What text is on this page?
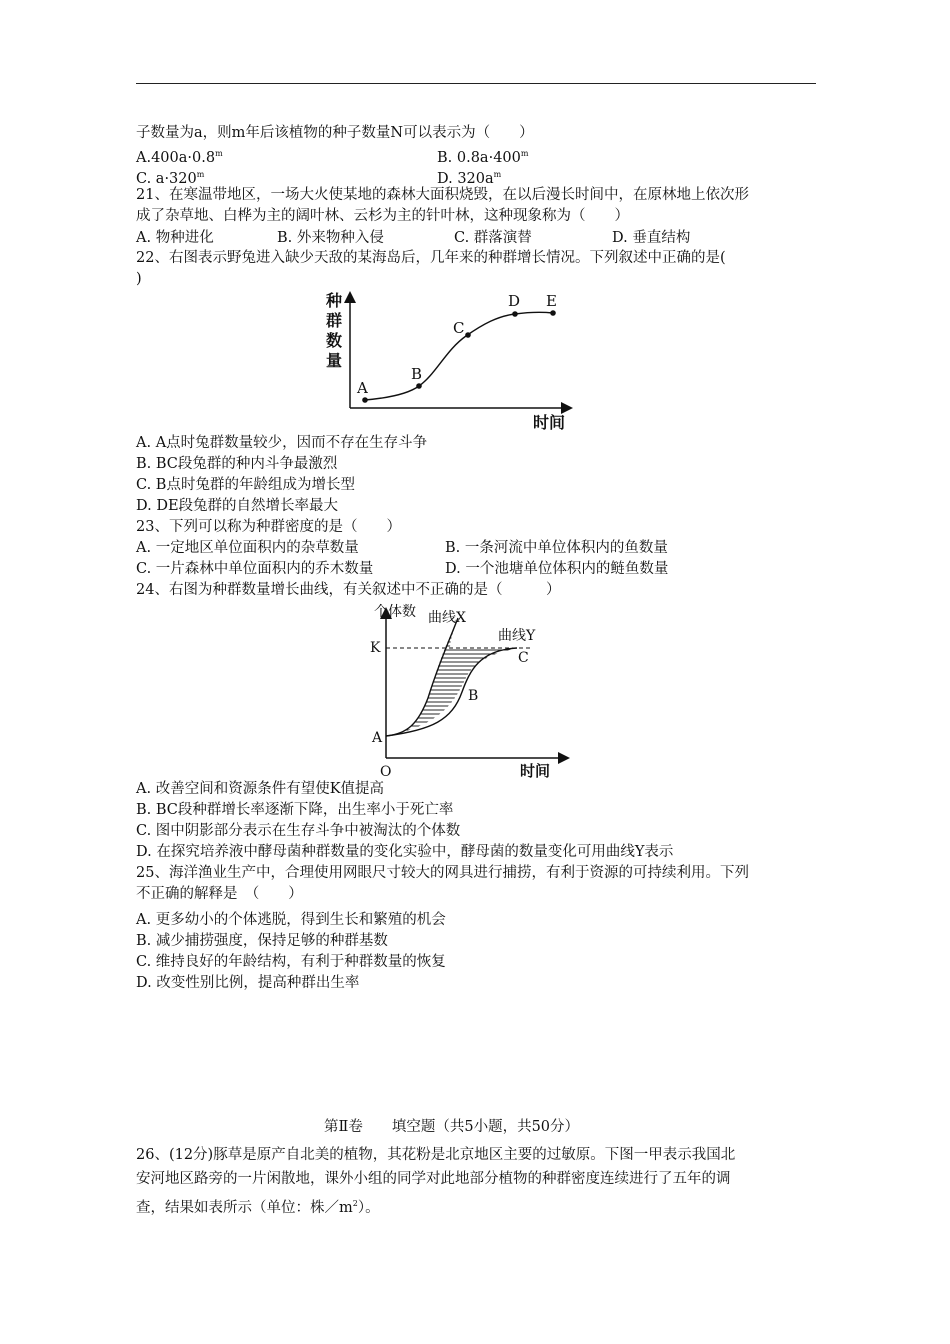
子数量为a，则m年后该植物的种子数量N可以表示为（　　）
$A.400a\cdot 0.8^m$	B. $0.8a\cdot 400^m$
C. $a\cdot 320^m$	D. $320a^m$
21、在寒温带地区，一场大火使某地的森林大面积烧毁，在以后漫长时间中，在原林地上依次形
成了杂草地、白桦为主的阔叶林、云杉为主的针叶林，这种现象称为（　　）
A. 物种进化	B. 外来物种入侵	C. 群落演替	D. 垂直结构
22、右图表示野兔进入缺少天敌的某海岛后，几年来的种群增长情况。下列叙述中正确的是(
)
种
群
数
量
时间
A
B
C
D E
A. A点时兔群数量较少，因而不存在生存斗争
B. BC段兔群的种内斗争最激烈
C. B点时兔群的年龄组成为增长型
D. DE段兔群的自然增长率最大
23、下列可以称为种群密度的是（　　）
A. 一定地区单位面积内的杂草数量	B. 一条河流中单位体积内的鱼数量
C. 一片森林中单位面积内的乔木数量	D. 一个池塘单位体积内的鲢鱼数量
24、右图为种群数量增长曲线，有关叙述中不正确的是（　　　）
个体数
时间
K
A
O
曲线X
曲线Y
C
B
A. 改善空间和资源条件有望使K值提高
B. BC段种群增长率逐渐下降，出生率小于死亡率
C. 图中阴影部分表示在生存斗争中被淘汰的个体数
D. 在探究培养液中酵母菌种群数量的变化实验中，酵母菌的数量变化可用曲线Y表示
25、海洋渔业生产中，合理使用网眼尺寸较大的网具进行捕捞，有利于资源的可持续利用。下列
不正确的解释是　（　　）
A. 更多幼小的个体逃脱，得到生长和繁殖的机会
B. 减少捕捞强度，保持足够的种群基数
C. 维持良好的年龄结构，有利于种群数量的恢复
D. 改变性别比例，提高种群出生率
第Ⅱ卷　　填空题（共5小题，共50分）
26、(12分)豚草是原产自北美的植物，其花粉是北京地区主要的过敏原。下图一甲表示我国北
安河地区路旁的一片闲散地，课外小组的同学对此地部分植物的种群密度连续进行了五年的调
查，结果如表所示（单位：株$/m^2$）。
